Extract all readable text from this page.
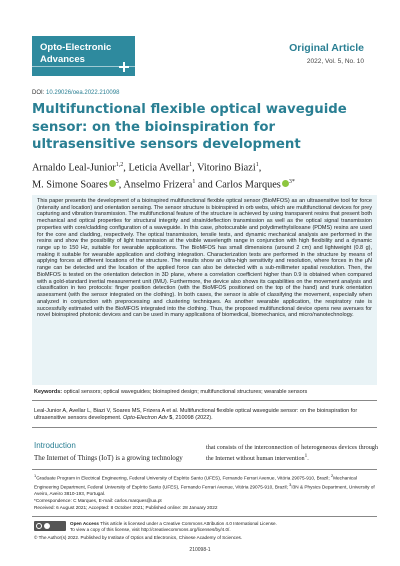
Opto-Electronic
Advances
Original Article
2022, Vol. 5, No. 10
DOI: 10.29026/oea.2022.210098
Multifunctional flexible optical waveguide sensor: on the bioinspiration for ultrasensitive sensors development
Arnaldo Leal-Junior$^{1,2}$, Leticia Avellar$^1$, Vitorino Biazi$^1$,
M. Simone Soares $^3$, Anselmo Frizera$^1$ and Carlos Marques $^{3*}$

This paper presents the development of a bioinspired multifunctional flexible optical sensor (BioMFOS) as an ultrasensitive tool for force (intensity and location) and orientation sensing. The sensor structure is bioinspired in orb webs, which are multifunctional devices for prey capturing and vibration transmission. The multifunctional feature of the structure is achieved by using transparent resins that present both mechanical and optical properties for structural integrity and strain/deflection transmission as well as the optical signal transmission properties with core/cladding configuration of a waveguide. In this case, photocurable and polydimethylsiloxane (PDMS) resins are used for the core and cladding, respectively. The optical transmission, tensile tests, and dynamic mechanical analysis are performed in the resins and show the possibility of light transmission at the visible wavelength range in conjunction with high flexibility and a dynamic range up to 150 Hz, suitable for wearable applications. The BioMFOS has small dimensions (around 2 cm) and lightweight (0.8 g), making it suitable for wearable application and clothing integration. Characterization tests are performed in the structure by means of applying forces at different locations of the structure. The results show an ultra-high sensitivity and resolution, where forces in the μN range can be detected and the location of the applied force can also be detected with a sub-millimeter spatial resolution. Then, the BioMFOS is tested on the orientation detection in 3D plane, where a correlation coefficient higher than 0.9 is obtained when compared with a gold-standard inertial measurement unit (IMU). Furthermore, the device also shows its capabilities on the movement analysis and classification in two protocols: finger position detection (with the BioMFOS positioned on the top of the hand) and trunk orientation assessment (with the sensor integrated on the clothing). In both cases, the sensor is able of classifying the movement, especially when analyzed in conjunction with preprocessing and clustering techniques. As another wearable application, the respiratory rate is successfully estimated with the BioMFOS integrated into the clothing. Thus, the proposed multifunctional device opens new avenues for novel bioinspired photonic devices and can be used in many applications of biomedical, biomechanics, and micro/nanotechnology.

Keywords: optical sensors; optical waveguides; bioinspired design; multifunctional structures; wearable sensors
Leal-Junior A, Avellar L, Biazi V, Soares MS, Frizera A et al. Multifunctional flexible optical waveguide sensor: on the bioinspiration for ultrasensitive sensors development. Opto-Electron Adv 5, 210098 (2022).
Introduction
The Internet of Things (IoT) is a growing technology
that consists of the interconnection of heterogeneous devices through the Internet without human intervention$^1$.
$^1$Graduate Program in Electrical Engineering, Federal University of Espírito Santo (UFES), Fernando Ferrari Avenue, Vitória 29075-910, Brazil; $^2$Mechanical Engineering Department, Federal University of Espírito Santo (UFES), Fernando Ferrari Avenue, Vitória 29075-910, Brazil; $^3$I3N & Physics Department, University of Aveiro, Aveiro 3810-193, Portugal.
*Correspondence: C Marques, E-mail: carlos.marques@ua.pt
Received: 6 August 2021; Accepted: 8 October 2021; Published online: 28 January 2022
Open Access This article is licensed under a Creative Commons Attribution 4.0 International License.
To view a copy of this license, visit http://creativecommons.org/licenses/by/4.0/.
© The Author(s) 2022. Published by Institute of Optics and Electronics, Chinese Academy of Sciences.
210098-1
